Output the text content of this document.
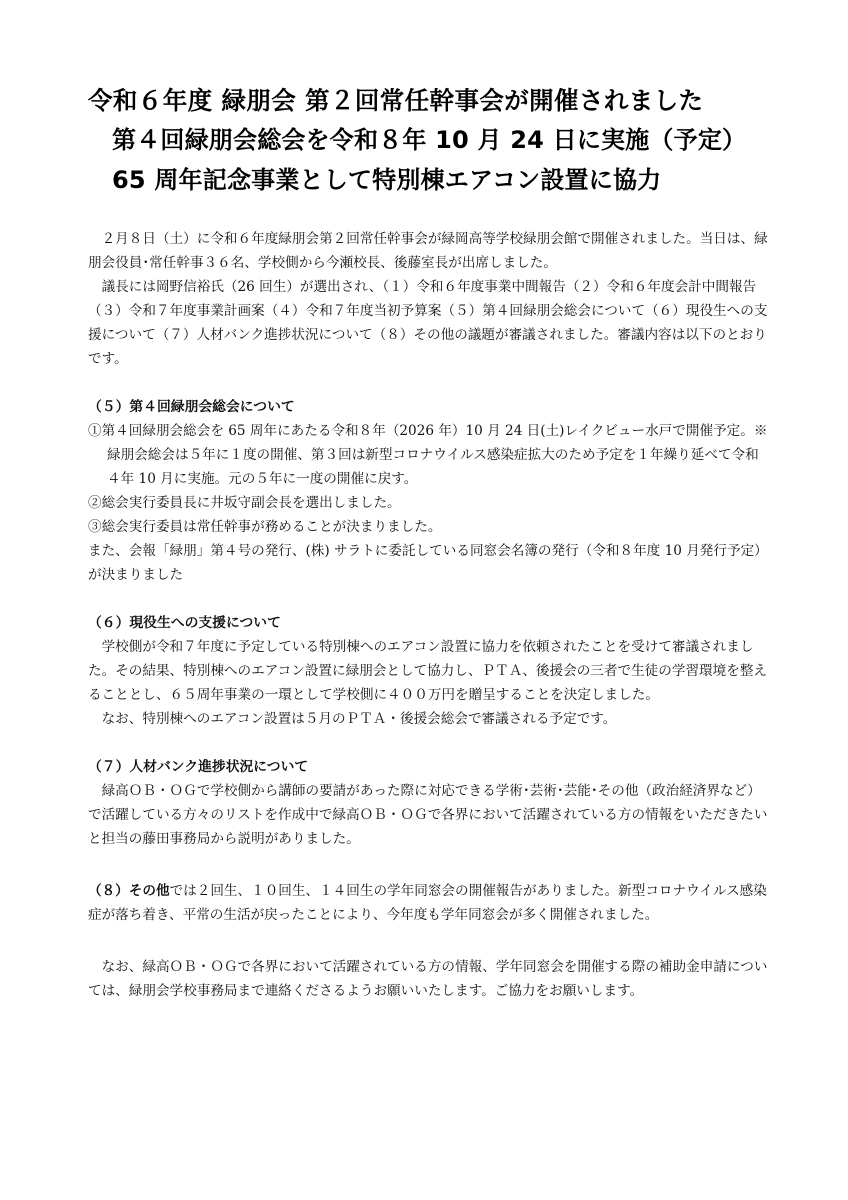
令和６年度 緑朋会 第２回常任幹事会が開催されました
第４回緑朋会総会を令和８年 10 月 24 日に実施（予定）
65 周年記念事業として特別棟エアコン設置に協力

２月８日（土）に令和６年度緑朋会第２回常任幹事会が緑岡高等学校緑朋会館で開催されました。当日は、緑朋会役員･常任幹事３６名、学校側から今瀬校長、後藤室長が出席しました。

議長には岡野信裕氏（26 回生）が選出され、（１）令和６年度事業中間報告（２）令和６年度会計中間報告（３）令和７年度事業計画案（４）令和７年度当初予算案（５）第４回緑朋会総会について（６）現役生への支援について（７）人材バンク進捗状況について（８）その他の議題が審議されました。審議内容は以下のとおりです。

（５）第４回緑朋会総会について

①第４回緑朋会総会を 65 周年にあたる令和８年（2026 年）10 月 24 日(土)レイクビュー水戸で開催予定。※緑朋会総会は５年に１度の開催、第３回は新型コロナウイルス感染症拡大のため予定を１年繰り延べて令和４年 10 月に実施。元の５年に一度の開催に戻す。

②総会実行委員長に井坂守副会長を選出しました。

③総会実行委員は常任幹事が務めることが決まりました。

また、会報「緑朋」第４号の発行、(株) サラトに委託している同窓会名簿の発行（令和８年度 10 月発行予定）が決まりました

（６）現役生への支援について

学校側が令和７年度に予定している特別棟へのエアコン設置に協力を依頼されたことを受けて審議されました。その結果、特別棟へのエアコン設置に緑朋会として協力し、ＰＴＡ、後援会の三者で生徒の学習環境を整えることとし、６５周年事業の一環として学校側に４００万円を贈呈することを決定しました。

なお、特別棟へのエアコン設置は５月のＰＴＡ・後援会総会で審議される予定です。

（７）人材バンク進捗状況について

緑高ＯＢ・ＯＧで学校側から講師の要請があった際に対応できる学術･芸術･芸能･その他（政治経済界など）で活躍している方々のリストを作成中で緑高ＯＢ・ＯＧで各界において活躍されている方の情報をいただきたいと担当の藤田事務局から説明がありました。

（８）その他では２回生、１０回生、１４回生の学年同窓会の開催報告がありました。新型コロナウイルス感染症が落ち着き、平常の生活が戻ったことにより、今年度も学年同窓会が多く開催されました。

なお、緑高ＯＢ・ＯＧで各界において活躍されている方の情報、学年同窓会を開催する際の補助金申請については、緑朋会学校事務局まで連絡くださるようお願いいたします。ご協力をお願いします。
